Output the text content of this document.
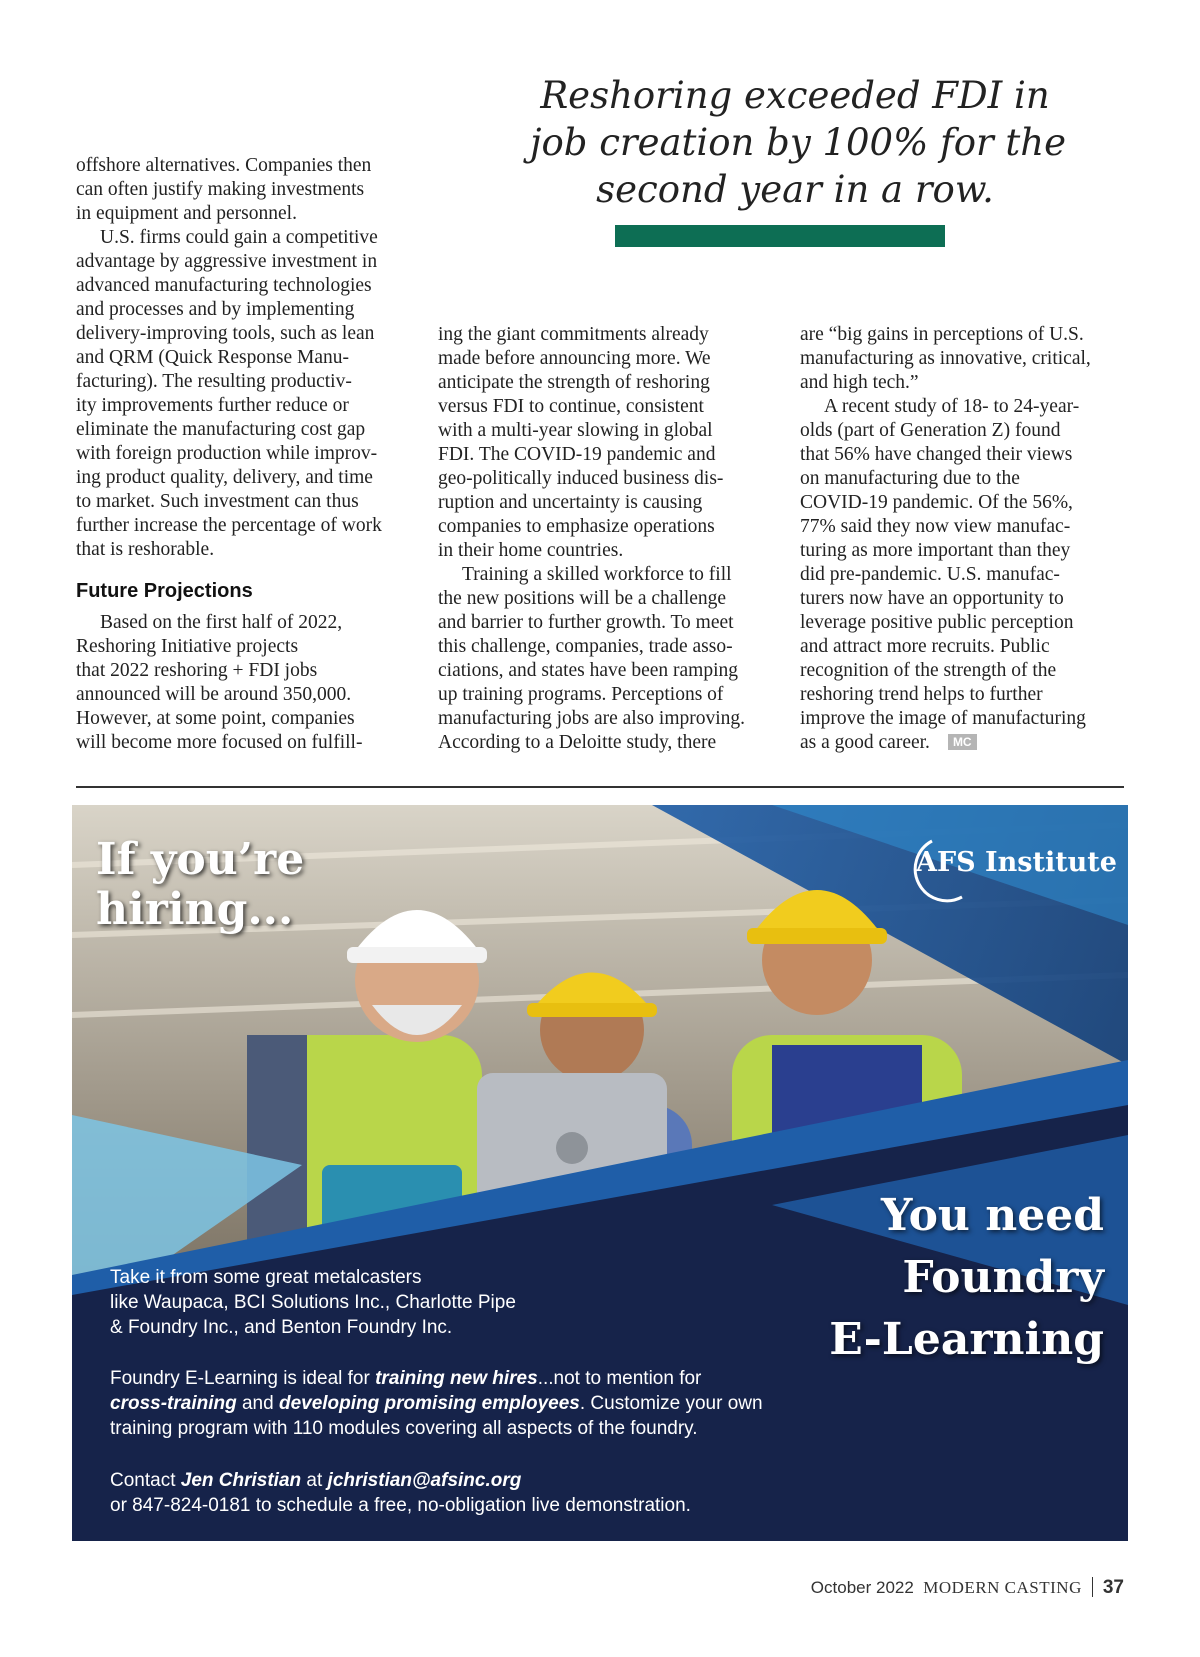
Reshoring exceeded FDI in
job creation by 100% for the
second year in a row.
offshore alternatives. Companies then
can often justify making investments
in equipment and personnel.
U.S. firms could gain a competitive
advantage by aggressive investment in
advanced manufacturing technologies
and processes and by implementing
delivery-improving tools, such as lean
and QRM (Quick Response Manu-
facturing). The resulting productiv-
ity improvements further reduce or
eliminate the manufacturing cost gap
with foreign production while improv-
ing product quality, delivery, and time
to market. Such investment can thus
further increase the percentage of work
that is reshorable.
Future Projections
Based on the first half of 2022,
Reshoring Initiative projects
that 2022 reshoring + FDI jobs
announced will be around 350,000.
However, at some point, companies
will become more focused on fulfill-
ing the giant commitments already
made before announcing more. We
anticipate the strength of reshoring
versus FDI to continue, consistent
with a multi-year slowing in global
FDI. The COVID-19 pandemic and
geo-politically induced business dis-
ruption and uncertainty is causing
companies to emphasize operations
in their home countries.
Training a skilled workforce to fill
the new positions will be a challenge
and barrier to further growth. To meet
this challenge, companies, trade asso-
ciations, and states have been ramping
up training programs. Perceptions of
manufacturing jobs are also improving.
According to a Deloitte study, there
are “big gains in perceptions of U.S.
manufacturing as innovative, critical,
and high tech.”
A recent study of 18- to 24-year-
olds (part of Generation Z) found
that 56% have changed their views
on manufacturing due to the
COVID-19 pandemic. Of the 56%,
77% said they now view manufac-
turing as more important than they
did pre-pandemic. U.S. manufac-
turers now have an opportunity to
leverage positive public perception
and attract more recruits. Public
recognition of the strength of the
reshoring trend helps to further
improve the image of manufacturing
as a good career. MC
If you’re
hiring...
AFS Institute
You need
Foundry
E-Learning
Take it from some great metalcasters
like Waupaca, BCI Solutions Inc., Charlotte Pipe
& Foundry Inc., and Benton Foundry Inc.
Foundry E-Learning is ideal for training new hires...not to mention for
cross-training and developing promising employees. Customize your own
training program with 110 modules covering all aspects of the foundry.
Contact Jen Christian at jchristian@afsinc.org
or 847-824-0181 to schedule a free, no-obligation live demonstration.
October 2022 MODERN CASTING 37
